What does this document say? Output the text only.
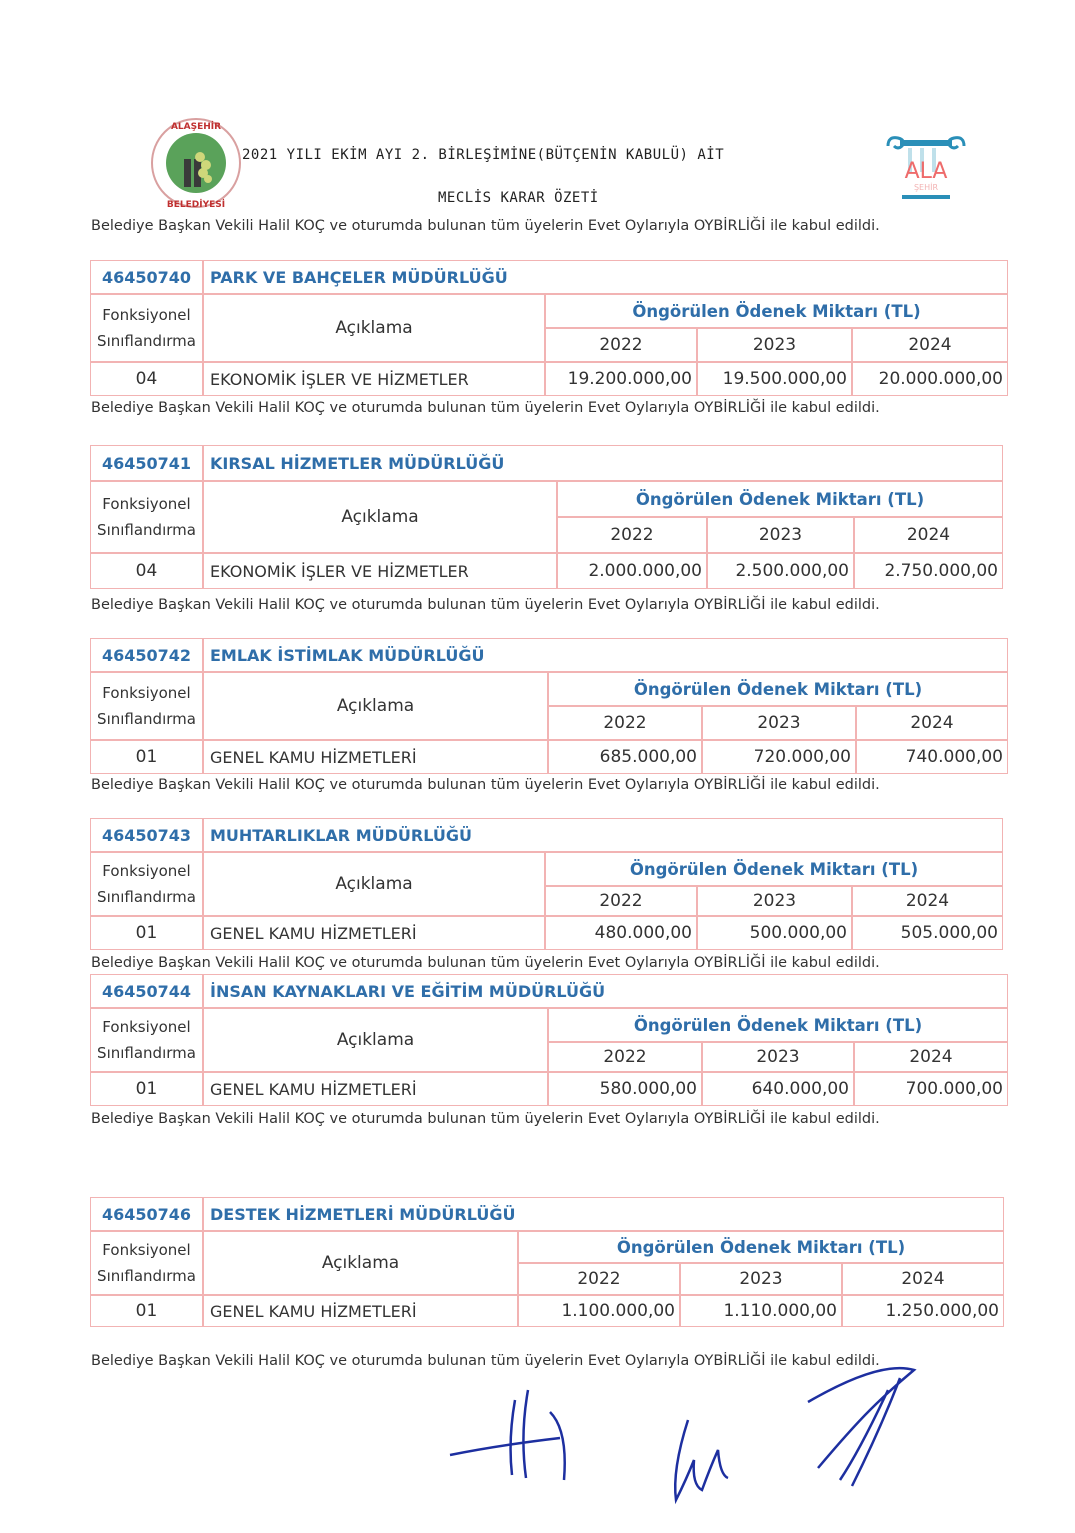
ALAŞEHİR
BELEDİYESİ
2021 YILI EKİM AYI 2. BİRLEŞİMİNE(BÜTÇENİN KABULÜ) AİT
MECLİS KARAR ÖZETİ
ALA
ŞEHİR
Belediye Başkan Vekili Halil KOÇ ve oturumda bulunan tüm üyelerin Evet Oylarıyla OYBİRLİĞİ ile kabul edildi.
46450740	PARK VE BAHÇELER MÜDÜRLÜĞÜ
Fonksiyonel
Sınıflandırma
Açıklama
Öngörülen Ödenek Miktarı (TL)
2022	2023	2024
04	EKONOMİK İŞLER VE HİZMETLER	19.200.000,00	19.500.000,00	20.000.000,00
Belediye Başkan Vekili Halil KOÇ ve oturumda bulunan tüm üyelerin Evet Oylarıyla OYBİRLİĞİ ile kabul edildi.
46450741	KIRSAL HİZMETLER MÜDÜRLÜĞÜ
Fonksiyonel
Sınıflandırma
Açıklama
Öngörülen Ödenek Miktarı (TL)
2022	2023	2024
04	EKONOMİK İŞLER VE HİZMETLER	2.000.000,00	2.500.000,00	2.750.000,00
Belediye Başkan Vekili Halil KOÇ ve oturumda bulunan tüm üyelerin Evet Oylarıyla OYBİRLİĞİ ile kabul edildi.
46450742	EMLAK İSTİMLAK MÜDÜRLÜĞÜ
Fonksiyonel
Sınıflandırma
Açıklama
Öngörülen Ödenek Miktarı (TL)
2022	2023	2024
01	GENEL KAMU HİZMETLERİ	685.000,00	720.000,00	740.000,00
Belediye Başkan Vekili Halil KOÇ ve oturumda bulunan tüm üyelerin Evet Oylarıyla OYBİRLİĞİ ile kabul edildi.
46450743	MUHTARLIKLAR MÜDÜRLÜĞÜ
Fonksiyonel
Sınıflandırma
Açıklama
Öngörülen Ödenek Miktarı (TL)
2022	2023	2024
01	GENEL KAMU HİZMETLERİ	480.000,00	500.000,00	505.000,00
Belediye Başkan Vekili Halil KOÇ ve oturumda bulunan tüm üyelerin Evet Oylarıyla OYBİRLİĞİ ile kabul edildi.
46450744	İNSAN KAYNAKLARI VE EĞİTİM MÜDÜRLÜĞÜ
Fonksiyonel
Sınıflandırma
Açıklama
Öngörülen Ödenek Miktarı (TL)
2022	2023	2024
01	GENEL KAMU HİZMETLERİ	580.000,00	640.000,00	700.000,00
Belediye Başkan Vekili Halil KOÇ ve oturumda bulunan tüm üyelerin Evet Oylarıyla OYBİRLİĞİ ile kabul edildi.
46450746	DESTEK HİZMETLERİ MÜDÜRLÜĞÜ
Fonksiyonel
Sınıflandırma
Açıklama
Öngörülen Ödenek Miktarı (TL)
2022	2023	2024
01	GENEL KAMU HİZMETLERİ	1.100.000,00	1.110.000,00	1.250.000,00
Belediye Başkan Vekili Halil KOÇ ve oturumda bulunan tüm üyelerin Evet Oylarıyla OYBİRLİĞİ ile kabul edildi.
